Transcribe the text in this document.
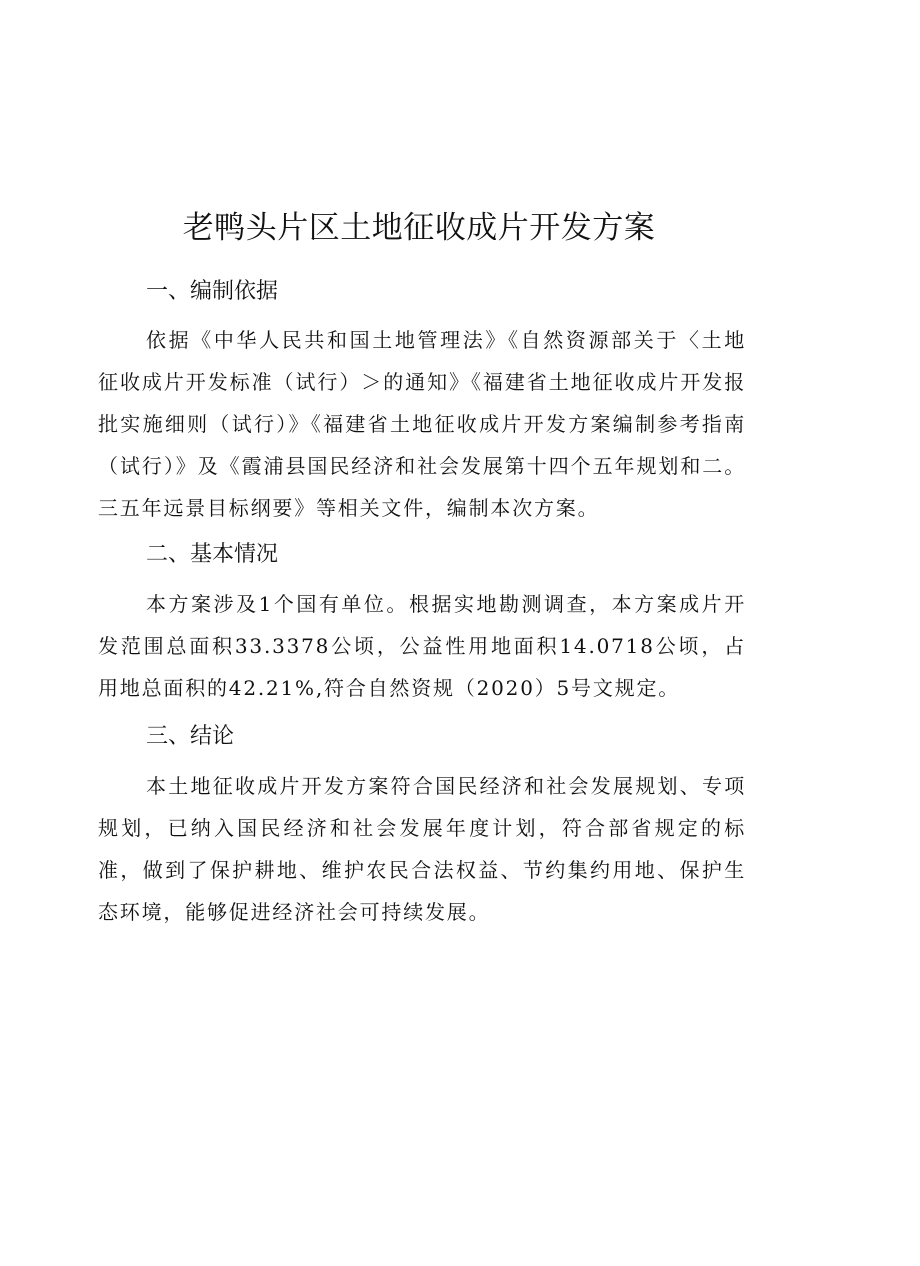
老鸭头片区土地征收成片开发方案
一、编制依据

依据《中华人民共和国土地管理法》《自然资源部关于〈土地征收成片开发标准（试行）＞的通知》《福建省土地征收成片开发报批实施细则（试行）》《福建省土地征收成片开发方案编制参考指南（试行）》及《霞浦县国民经济和社会发展第十四个五年规划和二。三五年远景目标纲要》等相关文件，编制本次方案。

二、基本情况

本方案涉及1个国有单位。根据实地勘测调查，本方案成片开发范围总面积33.3378公顷，公益性用地面积14.0718公顷，占用地总面积的42.21%,符合自然资规（2020）5号文规定。

三、结论

本土地征收成片开发方案符合国民经济和社会发展规划、专项规划，已纳入国民经济和社会发展年度计划，符合部省规定的标准，做到了保护耕地、维护农民合法权益、节约集约用地、保护生态环境，能够促进经济社会可持续发展。
